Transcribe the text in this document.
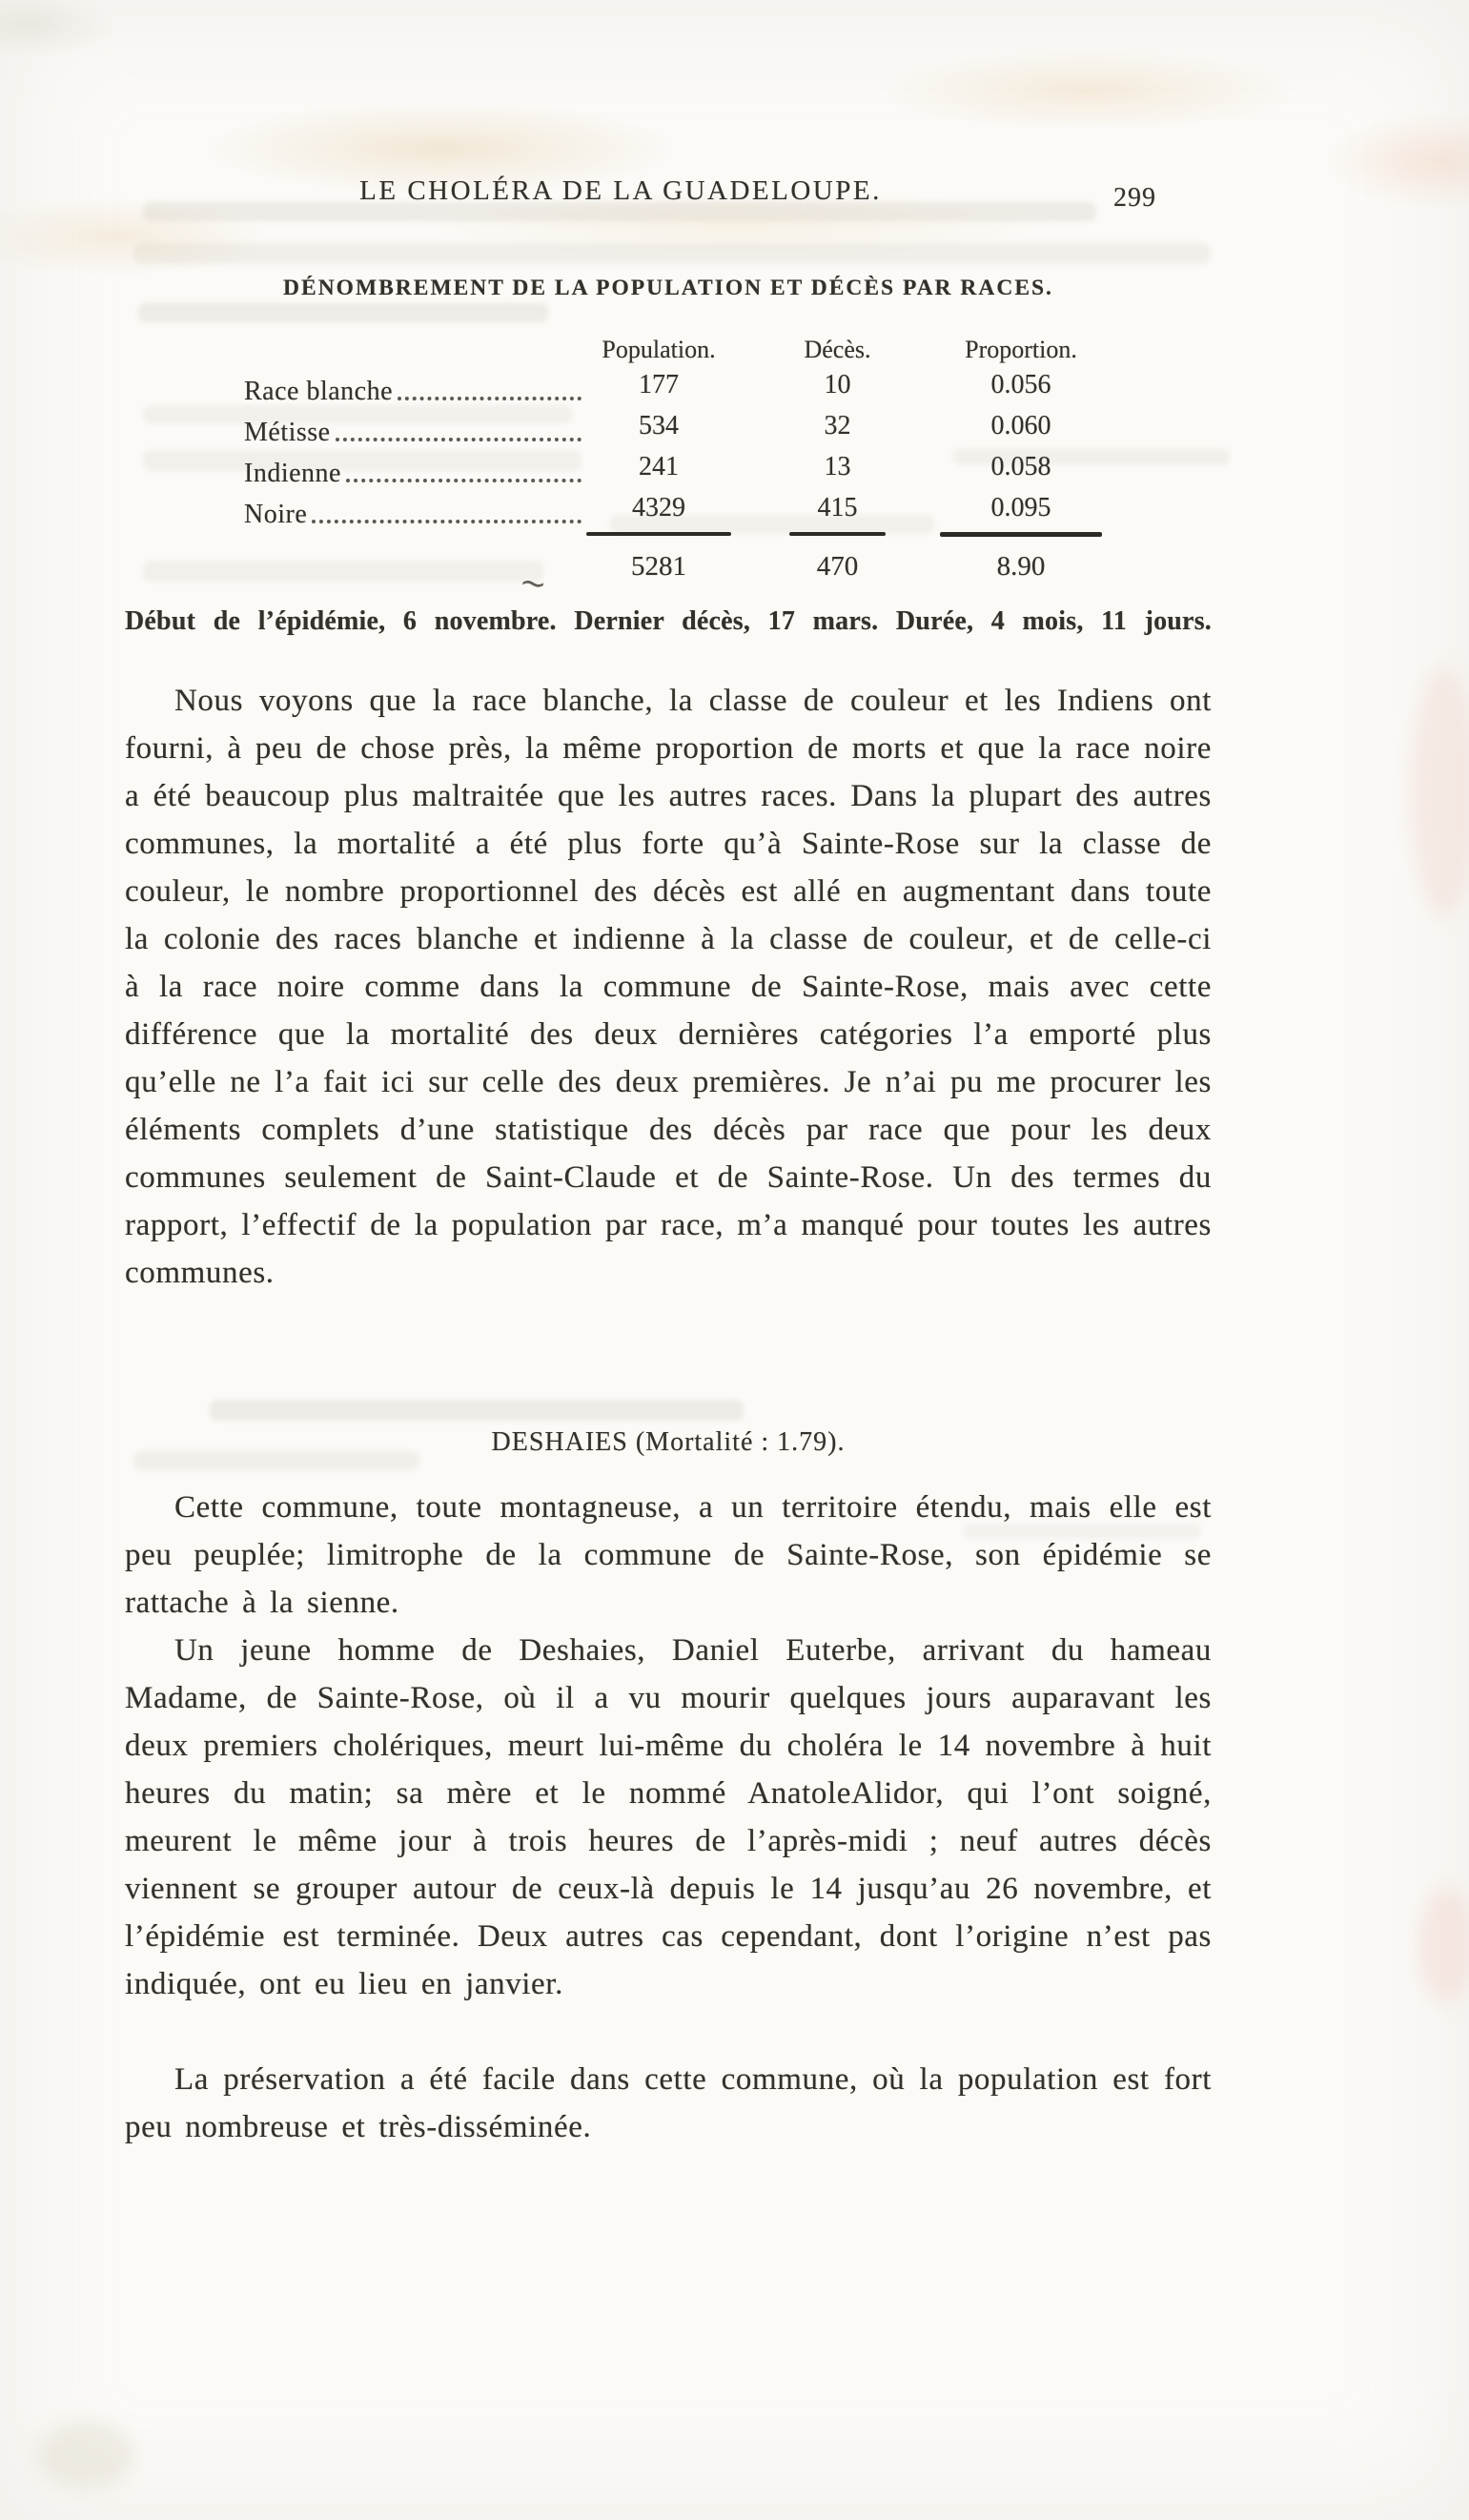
LE CHOLÉRA DE LA GUADELOUPE.	299
DÉNOMBREMENT DE LA POPULATION ET DÉCÈS PAR RACES.
Population.	Décès.	Proportion.
Race blanche	177	10	0.056
Métisse	534	32	0.060
Indienne	241	13	0.058
Noire	4329	415	0.095
5281	470	8.90
∼
Début de l’épidémie, 6 novembre. Dernier décès, 17 mars. Durée, 4 mois, 11 jours.
Nous voyons que la race blanche, la classe de couleur et les Indiens ont fourni, à peu de chose près, la même proportion de morts et que la race noire a été beaucoup plus maltraitée que les autres races. Dans la plupart des autres communes, la mortalité a été plus forte qu’à Sainte-Rose sur la classe de couleur, le nombre proportionnel des décès est allé en augmentant dans toute la colonie des races blanche et indienne à la classe de couleur, et de celle-ci à la race noire comme dans la commune de Sainte-Rose, mais avec cette différence que la mortalité des deux dernières catégories l’a emporté plus qu’elle ne l’a fait ici sur celle des deux premières. Je n’ai pu me procurer les éléments complets d’une statistique des décès par race que pour les deux communes seulement de Saint-Claude et de Sainte-Rose. Un des termes du rapport, l’effectif de la population par race, m’a manqué pour toutes les autres communes.
DESHAIES (Mortalité : 1.79).
Cette commune, toute montagneuse, a un territoire étendu, mais elle est peu peuplée; limitrophe de la commune de Sainte-Rose, son épidémie se rattache à la sienne.
Un jeune homme de Deshaies, Daniel Euterbe, arrivant du hameau Madame, de Sainte-Rose, où il a vu mourir quelques jours auparavant les deux premiers cholériques, meurt lui-même du choléra le 14 novembre à huit heures du matin; sa mère et le nommé AnatoleAlidor, qui l’ont soigné, meurent le même jour à trois heures de l’après-midi ; neuf autres décès viennent se grouper autour de ceux-là depuis le 14 jusqu’au 26 novembre, et l’épidémie est terminée. Deux autres cas cependant, dont l’origine n’est pas indiquée, ont eu lieu en janvier.
La préservation a été facile dans cette commune, où la population est fort peu nombreuse et très-disséminée.
